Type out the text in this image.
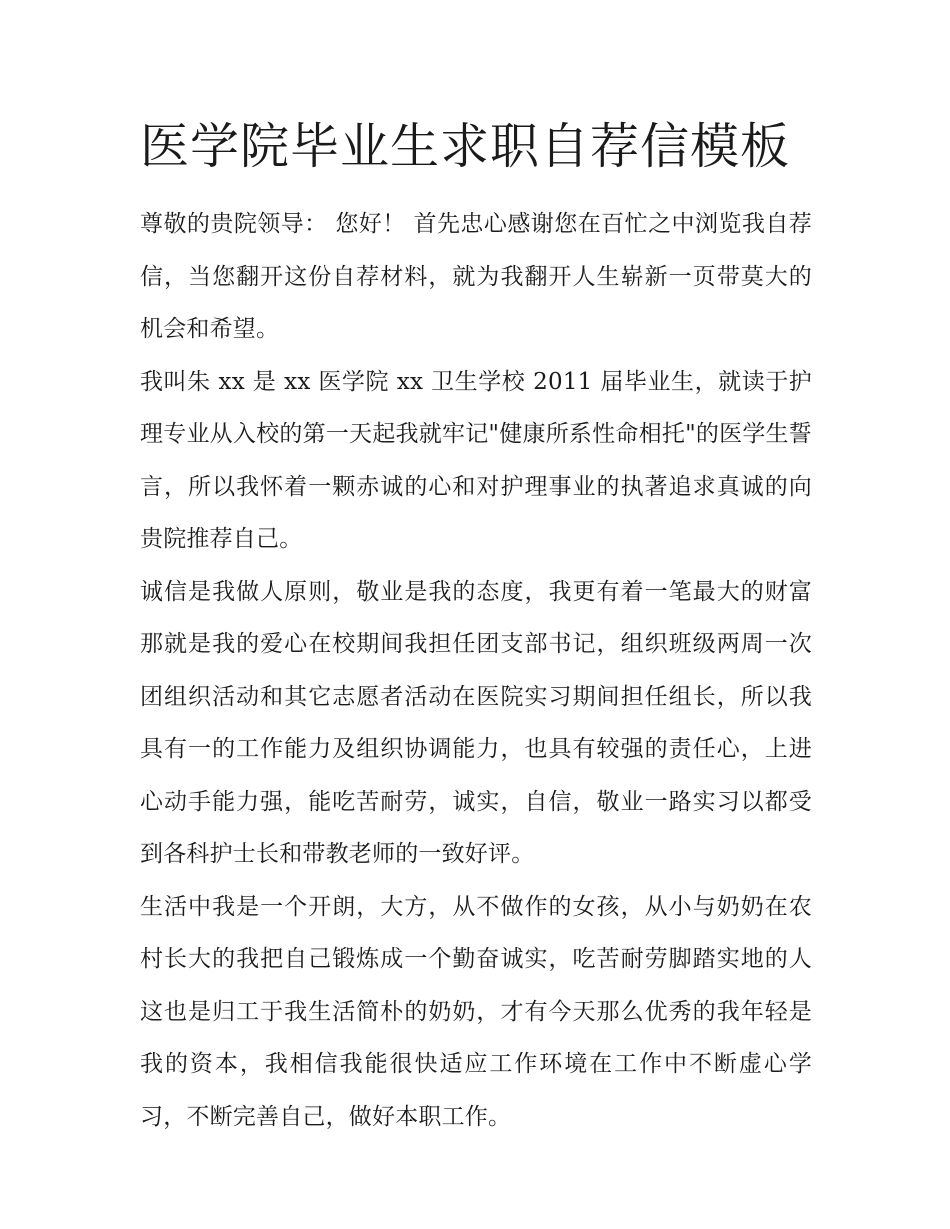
医学院毕业生求职自荐信模板

尊敬的贵院领导： 您好！ 首先忠心感谢您在百忙之中浏览我自荐信，当您翻开这份自荐材料，就为我翻开人生崭新一页带莫大的机会和希望。

我叫朱 xx 是 xx 医学院 xx 卫生学校 2011 届毕业生，就读于护理专业从入校的第一天起我就牢记"健康所系性命相托"的医学生誓言，所以我怀着一颗赤诚的心和对护理事业的执著追求真诚的向贵院推荐自己。

诚信是我做人原则，敬业是我的态度，我更有着一笔最大的财富那就是我的爱心在校期间我担任团支部书记，组织班级两周一次团组织活动和其它志愿者活动在医院实习期间担任组长，所以我具有一的工作能力及组织协调能力，也具有较强的责任心，上进心动手能力强，能吃苦耐劳，诚实，自信，敬业一路实习以都受到各科护士长和带教老师的一致好评。

生活中我是一个开朗，大方，从不做作的女孩，从小与奶奶在农村长大的我把自己锻炼成一个勤奋诚实，吃苦耐劳脚踏实地的人这也是归工于我生活简朴的奶奶，才有今天那么优秀的我年轻是我的资本，我相信我能很快适应工作环境在工作中不断虚心学习，不断完善自己，做好本职工作。
